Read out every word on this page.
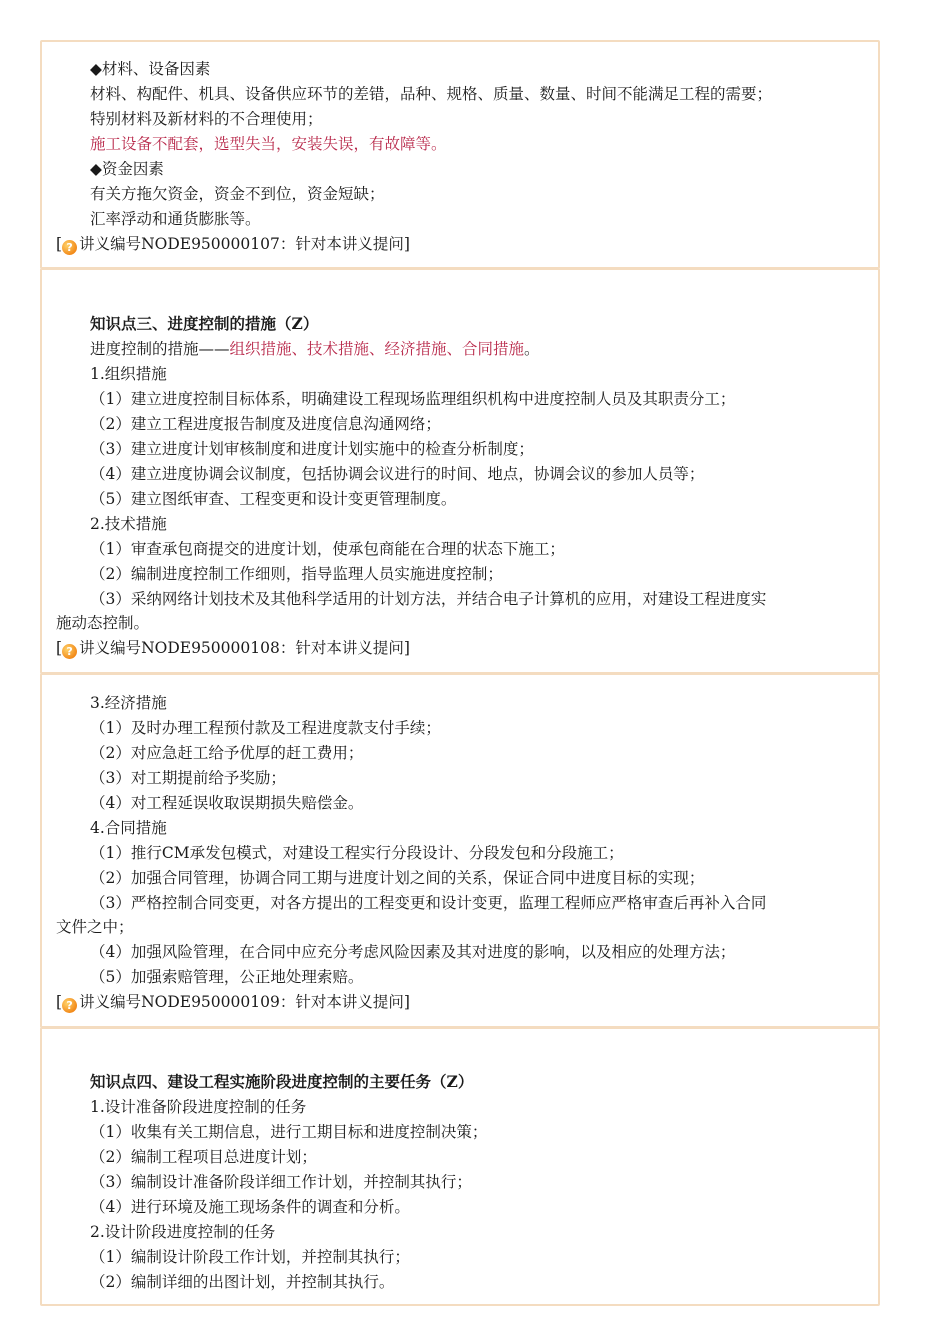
◆材料、设备因素
材料、构配件、机具、设备供应环节的差错，品种、规格、质量、数量、时间不能满足工程的需要；
特别材料及新材料的不合理使用；
施工设备不配套，选型失当，安装失误，有故障等。
◆资金因素
有关方拖欠资金，资金不到位，资金短缺；
汇率浮动和通货膨胀等。
[ ? 讲义编号NODE950000107：针对本讲义提问]
知识点三、进度控制的措施（Z）
进度控制的措施——组织措施、技术措施、经济措施、合同措施。
1.组织措施
（1）建立进度控制目标体系，明确建设工程现场监理组织机构中进度控制人员及其职责分工；
（2）建立工程进度报告制度及进度信息沟通网络；
（3）建立进度计划审核制度和进度计划实施中的检查分析制度；
（4）建立进度协调会议制度，包括协调会议进行的时间、地点，协调会议的参加人员等；
（5）建立图纸审查、工程变更和设计变更管理制度。
2.技术措施
（1）审查承包商提交的进度计划，使承包商能在合理的状态下施工；
（2）编制进度控制工作细则，指导监理人员实施进度控制；
（3）采纳网络计划技术及其他科学适用的计划方法，并结合电子计算机的应用，对建设工程进度实
施动态控制。
[ ? 讲义编号NODE950000108：针对本讲义提问]
3.经济措施
（1）及时办理工程预付款及工程进度款支付手续；
（2）对应急赶工给予优厚的赶工费用；
（3）对工期提前给予奖励；
（4）对工程延误收取误期损失赔偿金。
4.合同措施
（1）推行CM承发包模式，对建设工程实行分段设计、分段发包和分段施工；
（2）加强合同管理，协调合同工期与进度计划之间的关系，保证合同中进度目标的实现；
（3）严格控制合同变更，对各方提出的工程变更和设计变更，监理工程师应严格审查后再补入合同
文件之中；
（4）加强风险管理，在合同中应充分考虑风险因素及其对进度的影响，以及相应的处理方法；
（5）加强索赔管理，公正地处理索赔。
[ ? 讲义编号NODE950000109：针对本讲义提问]
知识点四、建设工程实施阶段进度控制的主要任务（Z）
1.设计准备阶段进度控制的任务
（1）收集有关工期信息，进行工期目标和进度控制决策；
（2）编制工程项目总进度计划；
（3）编制设计准备阶段详细工作计划，并控制其执行；
（4）进行环境及施工现场条件的调查和分析。
2.设计阶段进度控制的任务
（1）编制设计阶段工作计划，并控制其执行；
（2）编制详细的出图计划，并控制其执行。
